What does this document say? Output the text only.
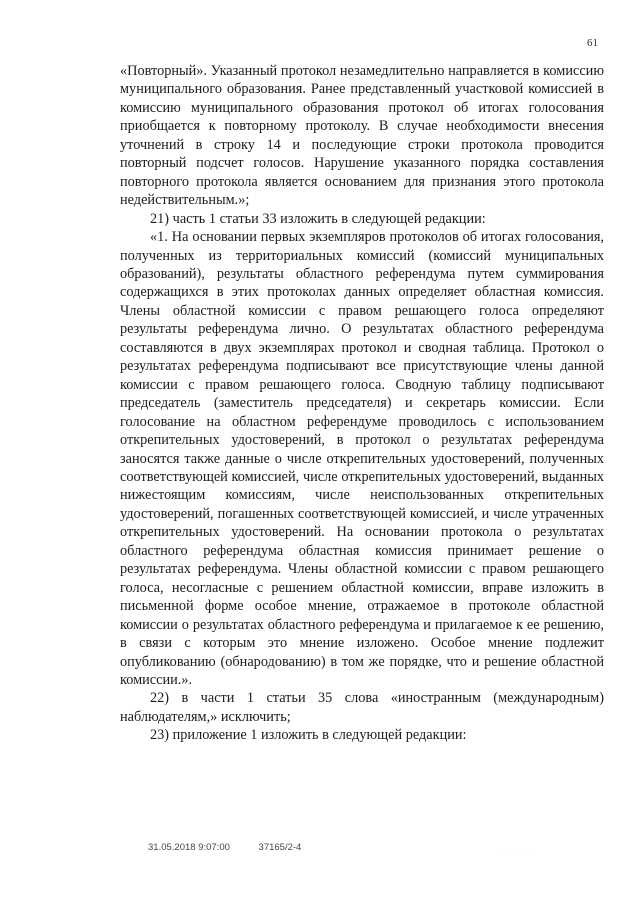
61

«Повторный». Указанный протокол незамедлительно направляется в комиссию муниципального образования. Ранее представленный участковой комиссией в комиссию муниципального образования протокол об итогах голосования приобщается к повторному протоколу. В случае необходимости внесения уточнений в строку 14 и последующие строки протокола проводится повторный подсчет голосов. Нарушение указанного порядка составления повторного протокола является основанием для признания этого протокола недействительным.»;

21) часть 1 статьи 33 изложить в следующей редакции:

«1. На основании первых экземпляров протоколов об итогах голосования, полученных из территориальных комиссий (комиссий муниципальных образований), результаты областного референдума путем суммирования содержащихся в этих протоколах данных определяет областная комиссия. Члены областной комиссии с правом решающего голоса определяют результаты референдума лично. О результатах областного референдума составляются в двух экземплярах протокол и сводная таблица. Протокол о результатах референдума подписывают все присутствующие члены данной комиссии с правом решающего голоса. Сводную таблицу подписывают председатель (заместитель председателя) и секретарь комиссии. Если голосование на областном референдуме проводилось с использованием открепительных удостоверений, в протокол о результатах референдума заносятся также данные о числе открепительных удостоверений, полученных соответствующей комиссией, числе открепительных удостоверений, выданных нижестоящим комиссиям, числе неиспользованных открепительных удостоверений, погашенных соответствующей комиссией, и числе утраченных открепительных удостоверений. На основании протокола о результатах областного референдума областная комиссия принимает решение о результатах референдума. Члены областной комиссии с правом решающего голоса, несогласные с решением областной комиссии, вправе изложить в письменной форме особое мнение, отражаемое в протоколе областной комиссии о результатах областного референдума и прилагаемое к ее решению, в связи с которым это мнение изложено. Особое мнение подлежит опубликованию (обнародованию) в том же порядке, что и решение областной комиссии.».

22) в части 1 статьи 35 слова «иностранным (международным) наблюдателям,» исключить;

23) приложение 1 изложить в следующей редакции:

31.05.2018 9:07:00	37165/2-4	· · · ·
